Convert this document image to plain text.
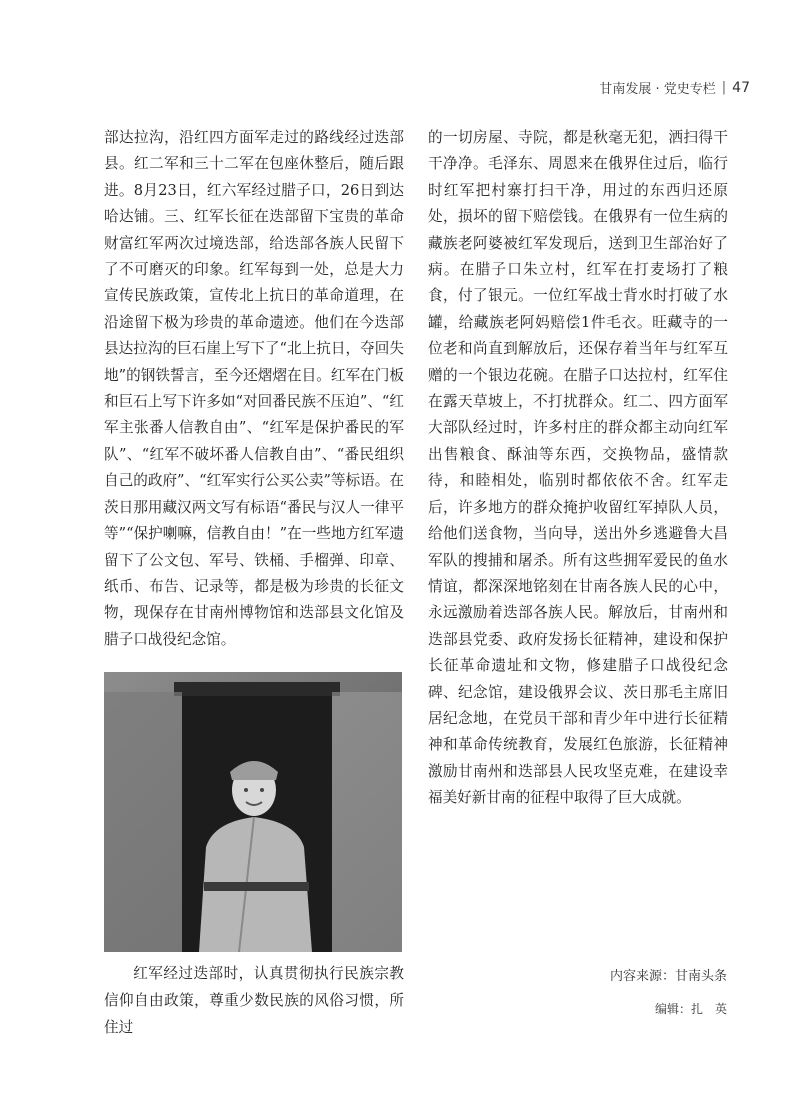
甘南发展 · 党史专栏 | 47

部达拉沟，沿红四方面军走过的路线经过迭部县。红二军和三十二军在包座休整后，随后跟进。8月23日，红六军经过腊子口，26日到达哈达铺。三、红军长征在迭部留下宝贵的革命财富红军两次过境迭部，给迭部各族人民留下了不可磨灭的印象。红军每到一处，总是大力宣传民族政策，宣传北上抗日的革命道理，在沿途留下极为珍贵的革命遗迹。他们在今迭部县达拉沟的巨石崖上写下了“北上抗日，夺回失地”的钢铁誓言，至今还熠熠在目。红军在门板和巨石上写下许多如“对回番民族不压迫”、“红军主张番人信教自由”、“红军是保护番民的军队”、“红军不破坏番人信教自由”、“番民组织自己的政府”、“红军实行公买公卖”等标语。在茨日那用藏汉两文写有标语“番民与汉人一律平等”“保护喇嘛，信教自由！”在一些地方红军遗留下了公文包、军号、铁桶、手榴弹、印章、纸币、布告、记录等，都是极为珍贵的长征文物，现保存在甘南州博物馆和迭部县文化馆及腊子口战役纪念馆。

红军经过迭部时，认真贯彻执行民族宗教信仰自由政策，尊重少数民族的风俗习惯，所住过

的一切房屋、寺院，都是秋毫无犯，洒扫得干干净净。毛泽东、周恩来在俄界住过后，临行时红军把村寨打扫干净，用过的东西归还原处，损坏的留下赔偿钱。在俄界有一位生病的藏族老阿婆被红军发现后，送到卫生部治好了病。在腊子口朱立村，红军在打麦场打了粮食，付了银元。一位红军战士背水时打破了水罐，给藏族老阿妈赔偿1件毛衣。旺藏寺的一位老和尚直到解放后，还保存着当年与红军互赠的一个银边花碗。在腊子口达拉村，红军住在露天草坡上，不打扰群众。红二、四方面军大部队经过时，许多村庄的群众都主动向红军出售粮食、酥油等东西，交换物品，盛情款待，和睦相处，临别时都依依不舍。红军走后，许多地方的群众掩护收留红军掉队人员，给他们送食物，当向导，送出外乡逃避鲁大昌军队的搜捕和屠杀。所有这些拥军爱民的鱼水情谊，都深深地铭刻在甘南各族人民的心中，永远激励着迭部各族人民。解放后，甘南州和迭部县党委、政府发扬长征精神，建设和保护长征革命遗址和文物，修建腊子口战役纪念碑、纪念馆，建设俄界会议、茨日那毛主席旧居纪念地，在党员干部和青少年中进行长征精神和革命传统教育，发展红色旅游，长征精神激励甘南州和迭部县人民攻坚克难，在建设幸福美好新甘南的征程中取得了巨大成就。

内容来源：甘南头条
编辑：扎　英
